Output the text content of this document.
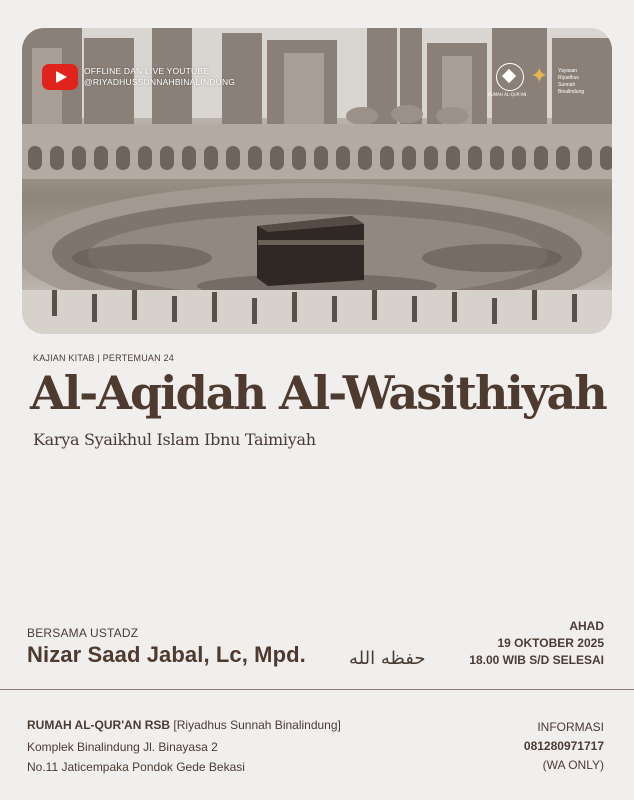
OFFLINE DAN LIVE YOUTUBE
@RIYADHUSSUNNAHBINALINDUNG
RUMAH AL-QUR'AN
✦ Yayasan
Riyadhus
Sunnah
Binalindung
KAJIAN KITAB | PERTEMUAN 24
Al-Aqidah Al-Wasithiyah
Karya Syaikhul Islam Ibnu Taimiyah
BERSAMA USTADZ
Nizar Saad Jabal, Lc, Mpd. حفظه الله
AHAD
19 OKTOBER 2025
18.00 WIB S/D SELESAI
RUMAH AL-QUR'AN RSB [Riyadhus Sunnah Binalindung]
Komplek Binalindung Jl. Binayasa 2
No.11 Jaticempaka Pondok Gede Bekasi
INFORMASI
081280971717
(WA ONLY)
